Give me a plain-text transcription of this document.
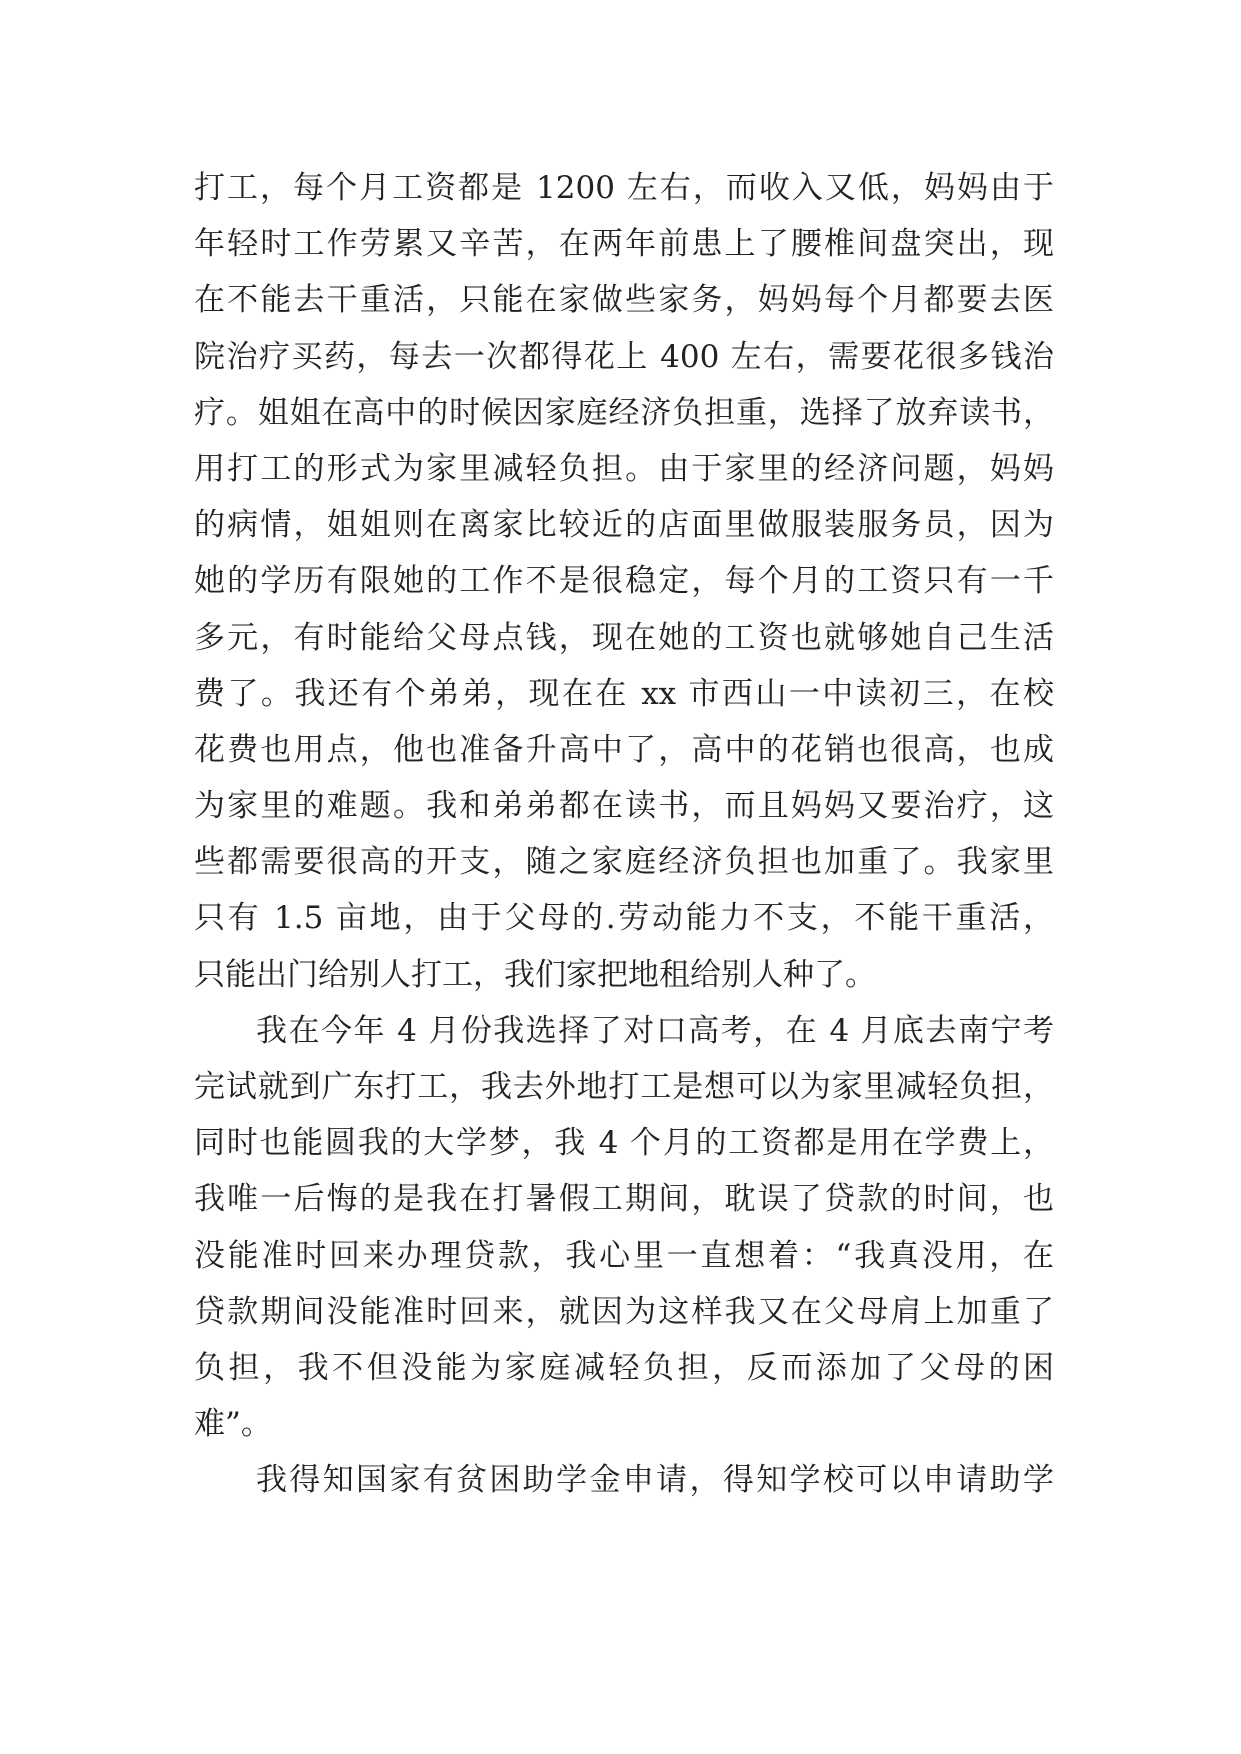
打工，每个月工资都是 1200 左右，而收入又低，妈妈由于
年轻时工作劳累又辛苦，在两年前患上了腰椎间盘突出，现
在不能去干重活，只能在家做些家务，妈妈每个月都要去医
院治疗买药，每去一次都得花上 400 左右，需要花很多钱治
疗。姐姐在高中的时候因家庭经济负担重，选择了放弃读书，
用打工的形式为家里减轻负担。由于家里的经济问题，妈妈
的病情，姐姐则在离家比较近的店面里做服装服务员，因为
她的学历有限她的工作不是很稳定，每个月的工资只有一千
多元，有时能给父母点钱，现在她的工资也就够她自己生活
费了。我还有个弟弟，现在在 xx 市西山一中读初三，在校
花费也用点，他也准备升高中了，高中的花销也很高，也成
为家里的难题。我和弟弟都在读书，而且妈妈又要治疗，这
些都需要很高的开支，随之家庭经济负担也加重了。我家里
只有 1.5 亩地，由于父母的.劳动能力不支，不能干重活，
只能出门给别人打工，我们家把地租给别人种了。
我在今年 4 月份我选择了对口高考，在 4 月底去南宁考
完试就到广东打工，我去外地打工是想可以为家里减轻负担，
同时也能圆我的大学梦，我 4 个月的工资都是用在学费上，
我唯一后悔的是我在打暑假工期间，耽误了贷款的时间，也
没能准时回来办理贷款，我心里一直想着：“我真没用，在
贷款期间没能准时回来，就因为这样我又在父母肩上加重了
负担，我不但没能为家庭减轻负担，反而添加了父母的困
难”。
我得知国家有贫困助学金申请，得知学校可以申请助学
